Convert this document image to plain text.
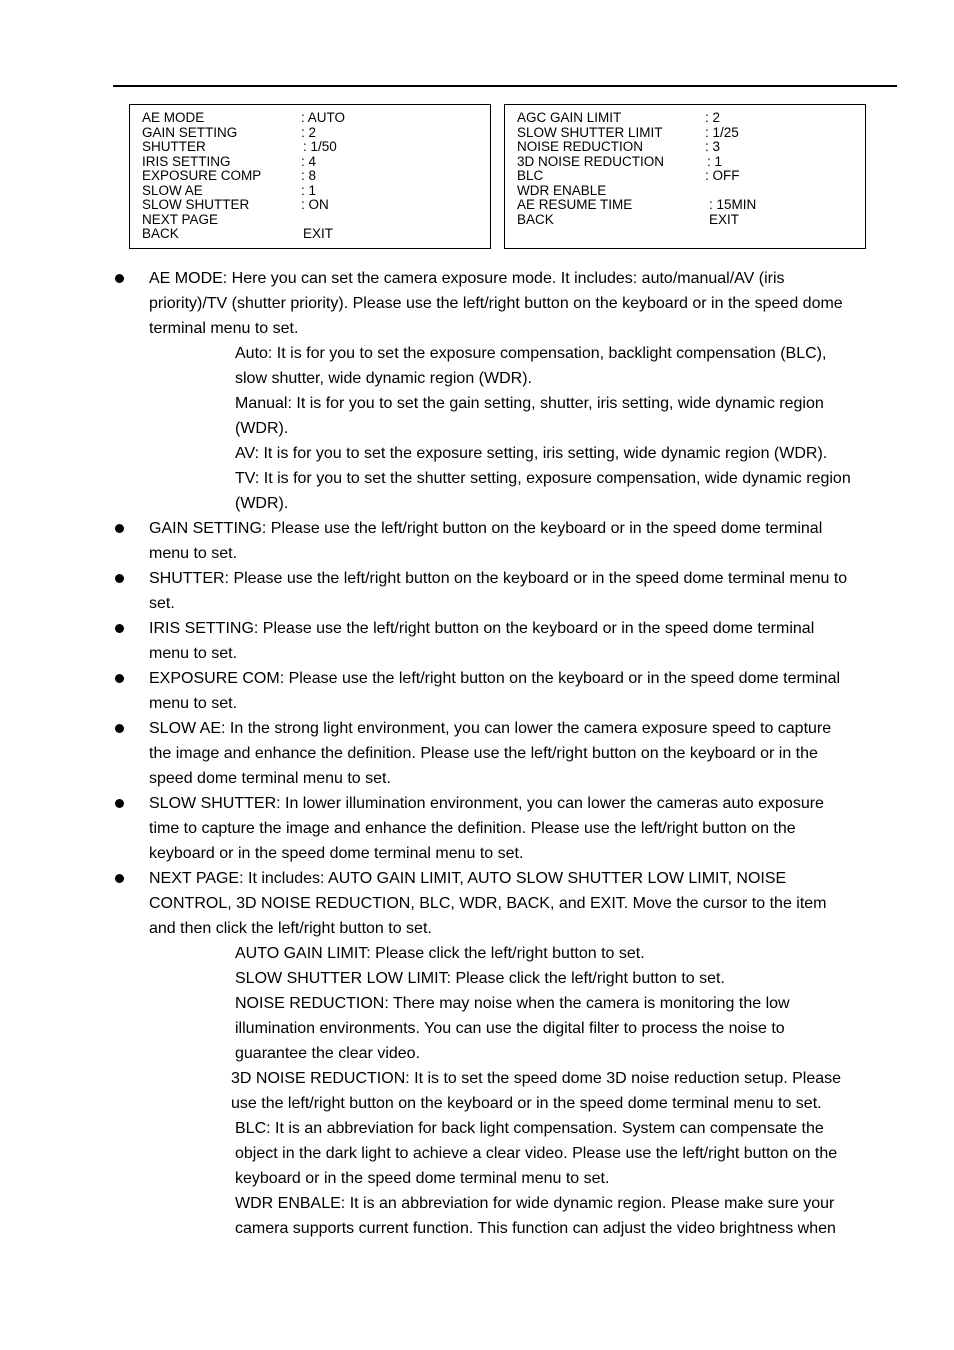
AE MODE	: AUTO
GAIN SETTING	: 2
SHUTTER	: 1/50
IRIS SETTING	: 4
EXPOSURE COMP	: 8
SLOW AE	: 1
SLOW SHUTTER	: ON
NEXT PAGE
BACK	EXIT
AGC GAIN LIMIT	: 2
SLOW SHUTTER LIMIT	: 1/25
NOISE REDUCTION	: 3
3D NOISE REDUCTION	: 1
BLC	: OFF
WDR ENABLE
AE RESUME TIME	: 15MIN
BACK	EXIT
AE MODE: Here you can set the camera exposure mode. It includes: auto/manual/AV (iris
priority)/TV (shutter priority). Please use the left/right button on the keyboard or in the speed dome
terminal menu to set.
Auto: It is for you to set the exposure compensation, backlight compensation (BLC),
slow shutter, wide dynamic region (WDR).
Manual: It is for you to set the gain setting, shutter, iris setting, wide dynamic region
(WDR).
AV: It is for you to set the exposure setting, iris setting, wide dynamic region (WDR).
TV: It is for you to set the shutter setting, exposure compensation, wide dynamic region
(WDR).
GAIN SETTING: Please use the left/right button on the keyboard or in the speed dome terminal
menu to set.
SHUTTER: Please use the left/right button on the keyboard or in the speed dome terminal menu to
set.
IRIS SETTING: Please use the left/right button on the keyboard or in the speed dome terminal
menu to set.
EXPOSURE COM: Please use the left/right button on the keyboard or in the speed dome terminal
menu to set.
SLOW AE: In the strong light environment, you can lower the camera exposure speed to capture
the image and enhance the definition. Please use the left/right button on the keyboard or in the
speed dome terminal menu to set.
SLOW SHUTTER: In lower illumination environment, you can lower the cameras auto exposure
time to capture the image and enhance the definition. Please use the left/right button on the
keyboard or in the speed dome terminal menu to set.
NEXT PAGE: It includes: AUTO GAIN LIMIT, AUTO SLOW SHUTTER LOW LIMIT, NOISE
CONTROL, 3D NOISE REDUCTION, BLC, WDR, BACK, and EXIT. Move the cursor to the item
and then click the left/right button to set.
AUTO GAIN LIMIT: Please click the left/right button to set.
SLOW SHUTTER LOW LIMIT: Please click the left/right button to set.
NOISE REDUCTION: There may noise when the camera is monitoring the low
illumination environments. You can use the digital filter to process the noise to
guarantee the clear video.
3D NOISE REDUCTION: It is to set the speed dome 3D noise reduction setup. Please
use the left/right button on the keyboard or in the speed dome terminal menu to set.
BLC: It is an abbreviation for back light compensation. System can compensate the
object in the dark light to achieve a clear video. Please use the left/right button on the
keyboard or in the speed dome terminal menu to set.
WDR ENBALE: It is an abbreviation for wide dynamic region. Please make sure your
camera supports current function. This function can adjust the video brightness when
